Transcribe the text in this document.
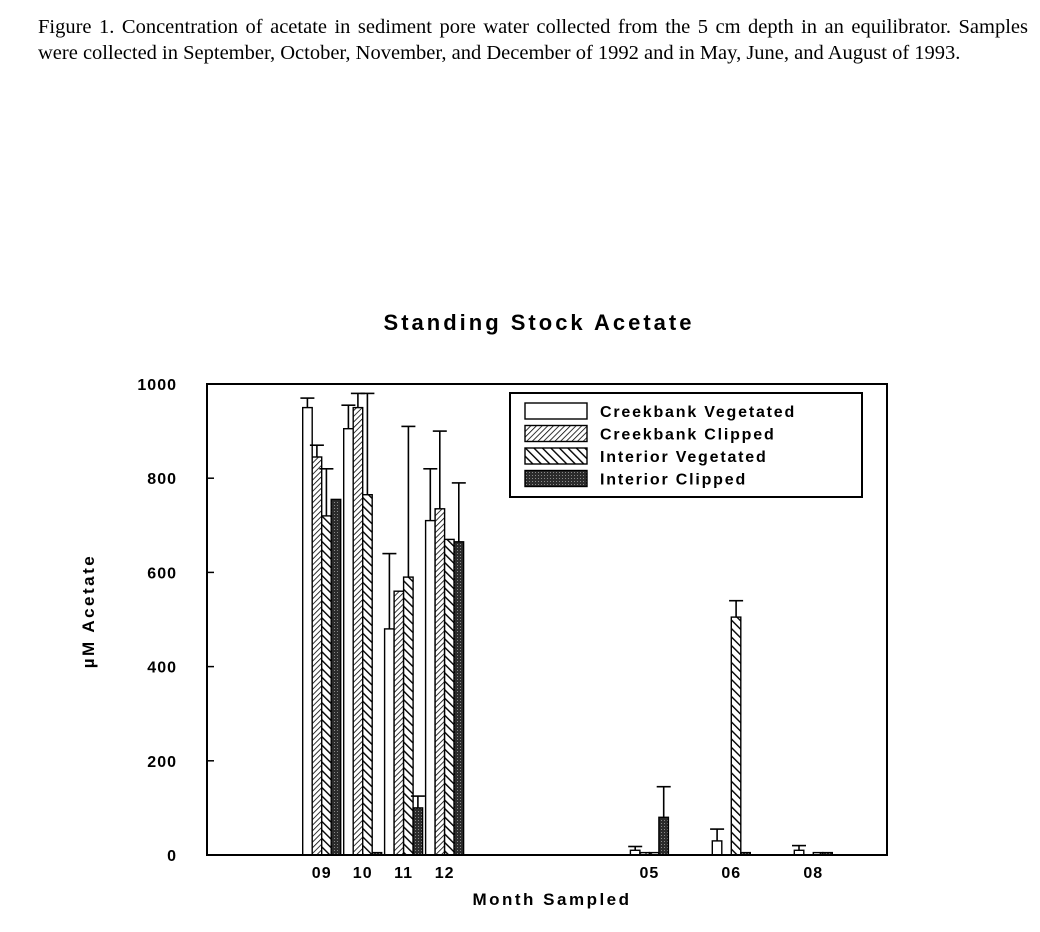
Figure 1. Concentration of acetate in sediment pore water collected from the 5 cm depth in an equilibrator. Samples were collected in September, October, November, and December of 1992 and in May, June, and August of 1993.

Standing Stock Acetate
0
200
400
600
800
1000
09 10 11 12	05	06	08
µM Acetate
Month Sampled
Creekbank Vegetated
Creekbank Clipped
Interior Vegetated
Interior Clipped
